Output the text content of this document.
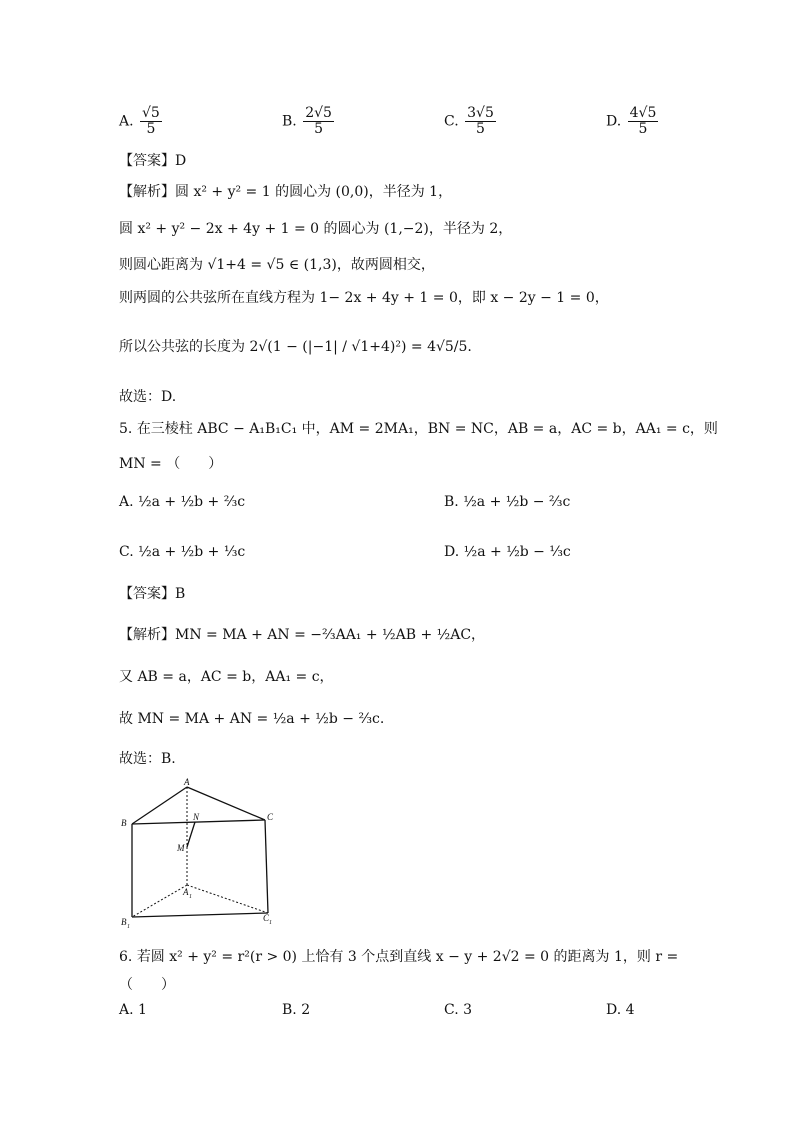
A. $\frac{√5}{5}$	B. $\frac{2√5}{5}$	C. $\frac{3√5}{5}$	D. $\frac{4√5}{5}$
【答案】D
【解析】圆 x² + y² = 1 的圆心为 (0,0)，半径为 1，
圆 x² + y² − 2x + 4y + 1 = 0 的圆心为 (1,−2)，半径为 2，
则圆心距离为 √1+4 = √5 ∈ (1,3)，故两圆相交，
则两圆的公共弦所在直线方程为 1− 2x + 4y + 1 = 0，即 x − 2y − 1 = 0，
所以公共弦的长度为 2√(1 − (|−1| / √1+4)²) = 4√5/5.
故选：D.
5. 在三棱柱 ABC − A₁B₁C₁ 中，AM = 2MA₁，BN = NC，AB = a，AC = b，AA₁ = c，则
MN = （　　）
A. ½a + ½b + ⅔c	B. ½a + ½b − ⅔c
C. ½a + ½b + ⅓c	D. ½a + ½b − ⅓c
【答案】B
【解析】MN = MA + AN = −⅔AA₁ + ½AB + ½AC，
又 AB = a，AC = b，AA₁ = c，
故 MN = MA + AN = ½a + ½b − ⅔c.
故选：B.
A
B
C
N
M
A 1
B 1
C 1
6. 若圆 x² + y² = r²(r > 0) 上恰有 3 个点到直线 x − y + 2√2 = 0 的距离为 1，则 r =
（　　）
A. 1	B. 2	C. 3	D. 4
